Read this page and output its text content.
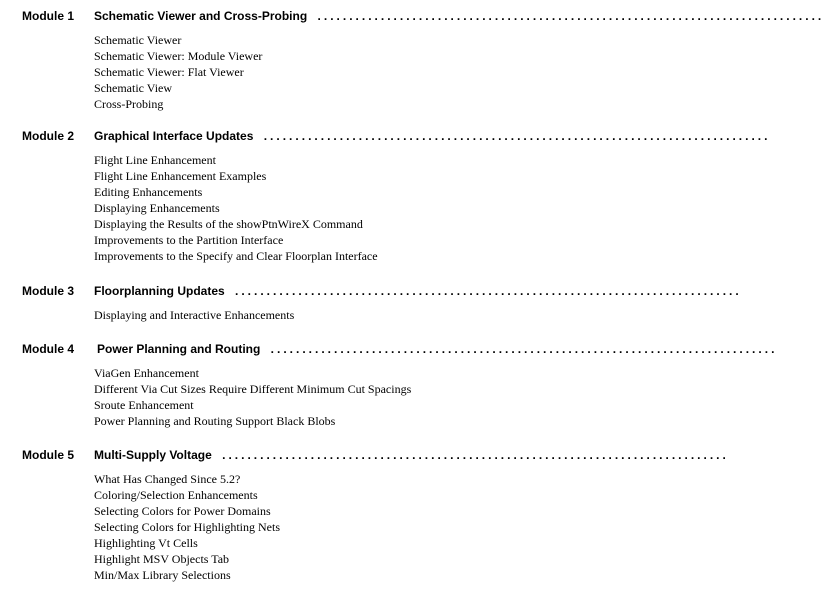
Module 1 Schematic Viewer and Cross-Probing ................................................................................
Schematic Viewer
Schematic Viewer: Module Viewer
Schematic Viewer: Flat Viewer
Schematic View
Cross-Probing
Module 2 Graphical Interface Updates ................................................................................
Flight Line Enhancement
Flight Line Enhancement Examples
Editing Enhancements
Displaying Enhancements
Displaying the Results of the showPtnWireX Command
Improvements to the Partition Interface
Improvements to the Specify and Clear Floorplan Interface
Module 3 Floorplanning Updates ................................................................................
Displaying and Interactive Enhancements
Module 4 Power Planning and Routing ................................................................................
ViaGen Enhancement
Different Via Cut Sizes Require Different Minimum Cut Spacings
Sroute Enhancement
Power Planning and Routing Support Black Blobs
Module 5 Multi-Supply Voltage ................................................................................
What Has Changed Since 5.2?
Coloring/Selection Enhancements
Selecting Colors for Power Domains
Selecting Colors for Highlighting Nets
Highlighting Vt Cells
Highlight MSV Objects Tab
Min/Max Library Selections
